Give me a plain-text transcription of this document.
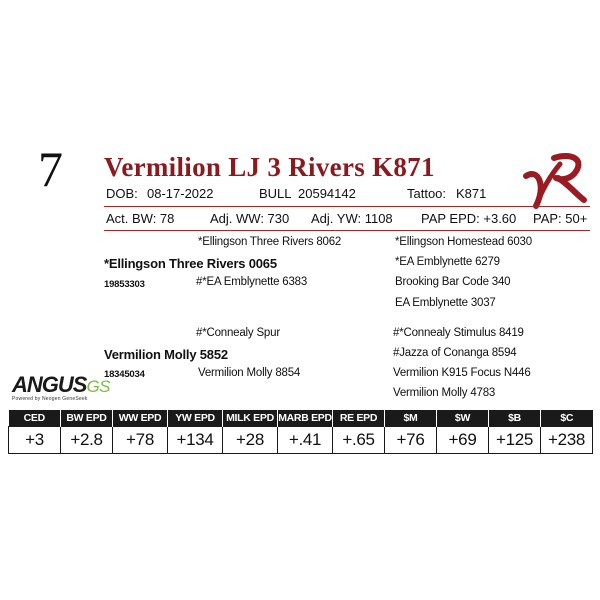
7 Vermilion LJ 3 Rivers K871
DOB: 08-17-2022	BULL 20594142	Tattoo: K871
Act. BW: 78	Adj. WW: 730 Adj. YW: 1108 PAP EPD: +3.60 PAP: 50+
*Ellingson Three Rivers 8062	*Ellingson Homestead 6030
*Ellingson Three Rivers 0065	*EA Emblynette 6279
19853303	#*EA Emblynette 6383	Brooking Bar Code 340
EA Emblynette 3037
#*Connealy Spur	#*Connealy Stimulus 8419
Vermilion Molly 5852	#Jazza of Conanga 8594
18345034	Vermilion Molly 8854	Vermilion K915 Focus N446
Vermilion Molly 4783
ANGUSGS
Powered by Neogen GeneSeek
CED	BW EPD	WW EPD	YW EPD	MILK EPD	MARB EPD	RE EPD	$M	$W	$B	$C
+3	+2.8	+78	+134	+28	+.41	+.65	+76	+69	+125	+238
